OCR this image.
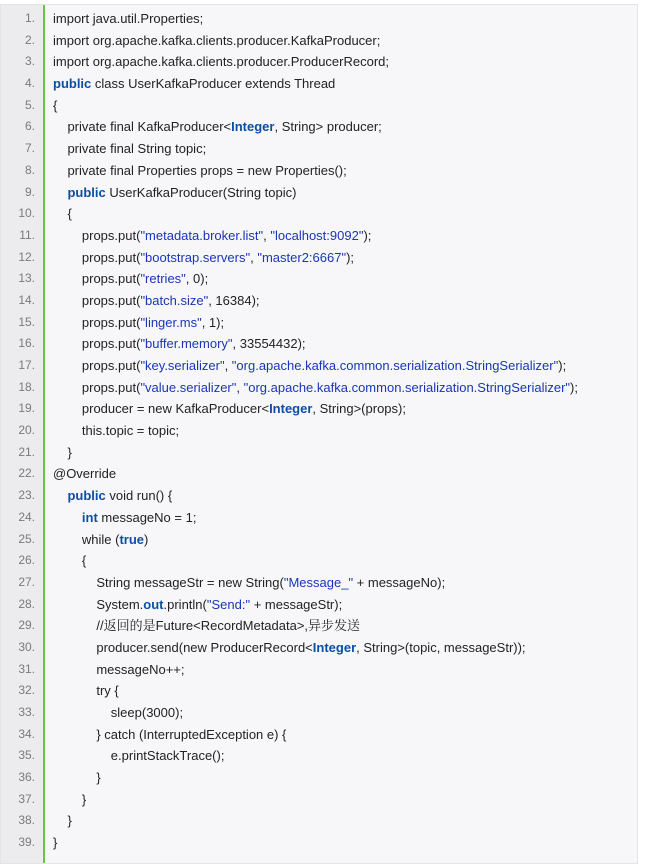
1. import java.util.Properties;
2. import org.apache.kafka.clients.producer.KafkaProducer;
3. import org.apache.kafka.clients.producer.ProducerRecord;
4. public class UserKafkaProducer extends Thread
5. {
6. private final KafkaProducer<Integer, String> producer;
7. private final String topic;
8. private final Properties props = new Properties();
9.	public UserKafkaProducer(String topic)
10. {
11. props.put("metadata.broker.list", "localhost:9092");
12. props.put("bootstrap.servers", "master2:6667");
13. props.put("retries", 0);
14. props.put("batch.size", 16384);
15. props.put("linger.ms", 1);
16. props.put("buffer.memory", 33554432);
17. props.put("key.serializer", "org.apache.kafka.common.serialization.StringSerializer");
18. props.put("value.serializer", "org.apache.kafka.common.serialization.StringSerializer");
19. producer = new KafkaProducer<Integer, String>(props);
20. this.topic = topic;
21. }
22. @Override
23.	public void run() {
24.	int messageNo = 1;
25. while (true)
26. {
27. String messageStr = new String("Message_" + messageNo);
28. System.out.println("Send:" + messageStr);
29. //返回的是Future<RecordMetadata>,异步发送
30. producer.send(new ProducerRecord<Integer, String>(topic, messageStr));
31. messageNo++;
32. try {
33. sleep(3000);
34. } catch (InterruptedException e) {
35. e.printStackTrace();
36. }
37. }
38. }
39. }
